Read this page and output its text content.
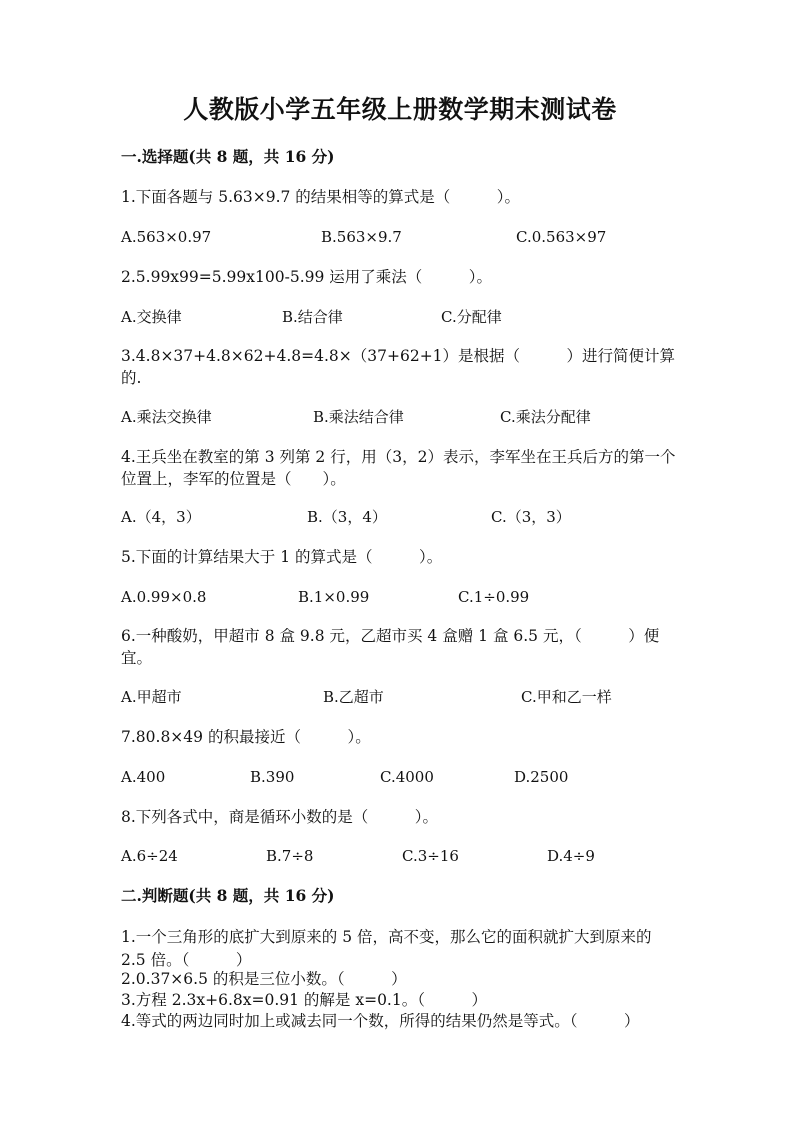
人教版小学五年级上册数学期末测试卷
一.选择题(共 8 题，共 16 分)
1.下面各题与 5.63×9.7 的结果相等的算式是（　　　）。
A.563×0.97	B.563×9.7	C.0.563×97
2.5.99x99=5.99x100-5.99 运用了乘法（　　　）。
A.交换律	B.结合律	C.分配律
3.4.8×37+4.8×62+4.8=4.8×（37+62+1）是根据（　　　）进行简便计算的.
A.乘法交换律	B.乘法结合律	C.乘法分配律
4.王兵坐在教室的第 3 列第 2 行，用（3，2）表示，李军坐在王兵后方的第一个位置上，李军的位置是（　　）。
A.（4，3）	B.（3，4）	C.（3，3）
5.下面的计算结果大于 1 的算式是（　　　）。
A.0.99×0.8	B.1×0.99	C.1÷0.99
6.一种酸奶，甲超市 8 盒 9.8 元，乙超市买 4 盒赠 1 盒 6.5 元，（　　　）便宜。
A.甲超市	B.乙超市	C.甲和乙一样
7.80.8×49 的积最接近（　　　）。
A.400	B.390	C.4000	D.2500
8.下列各式中，商是循环小数的是（　　　）。
A.6÷24	B.7÷8	C.3÷16	D.4÷9
二.判断题(共 8 题，共 16 分)
1.一个三角形的底扩大到原来的 5 倍，高不变，那么它的面积就扩大到原来的 2.5 倍。（　　　）
2.0.37×6.5 的积是三位小数。（　　　）
3.方程 2.3x+6.8x=0.91 的解是 x=0.1。（　　　）
4.等式的两边同时加上或减去同一个数，所得的结果仍然是等式。（　　　）
